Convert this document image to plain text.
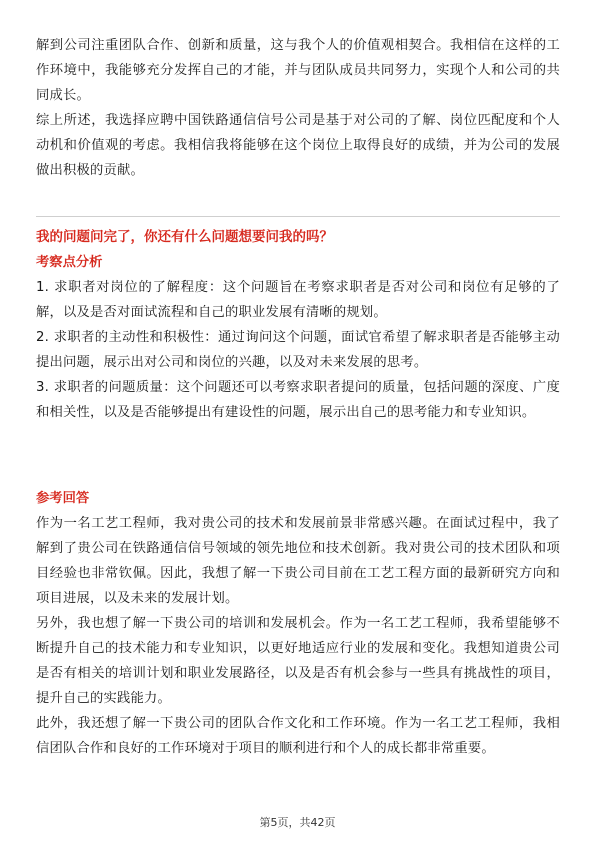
解到公司注重团队合作、创新和质量，这与我个人的价值观相契合。我相信在这样的工作环境中，我能够充分发挥自己的才能，并与团队成员共同努力，实现个人和公司的共同成长。

综上所述，我选择应聘中国铁路通信信号公司是基于对公司的了解、岗位匹配度和个人动机和价值观的考虑。我相信我将能够在这个岗位上取得良好的成绩，并为公司的发展做出积极的贡献。

我的问题问完了，你还有什么问题想要问我的吗？

考察点分析

1. 求职者对岗位的了解程度：这个问题旨在考察求职者是否对公司和岗位有足够的了解，以及是否对面试流程和自己的职业发展有清晰的规划。

2. 求职者的主动性和积极性：通过询问这个问题，面试官希望了解求职者是否能够主动提出问题，展示出对公司和岗位的兴趣，以及对未来发展的思考。

3. 求职者的问题质量：这个问题还可以考察求职者提问的质量，包括问题的深度、广度和相关性，以及是否能够提出有建设性的问题，展示出自己的思考能力和专业知识。

参考回答

作为一名工艺工程师，我对贵公司的技术和发展前景非常感兴趣。在面试过程中，我了解到了贵公司在铁路通信信号领域的领先地位和技术创新。我对贵公司的技术团队和项目经验也非常钦佩。因此，我想了解一下贵公司目前在工艺工程方面的最新研究方向和项目进展，以及未来的发展计划。

另外，我也想了解一下贵公司的培训和发展机会。作为一名工艺工程师，我希望能够不断提升自己的技术能力和专业知识，以更好地适应行业的发展和变化。我想知道贵公司是否有相关的培训计划和职业发展路径，以及是否有机会参与一些具有挑战性的项目，提升自己的实践能力。

此外，我还想了解一下贵公司的团队合作文化和工作环境。作为一名工艺工程师，我相信团队合作和良好的工作环境对于项目的顺利进行和个人的成长都非常重要。

第5页，共42页
